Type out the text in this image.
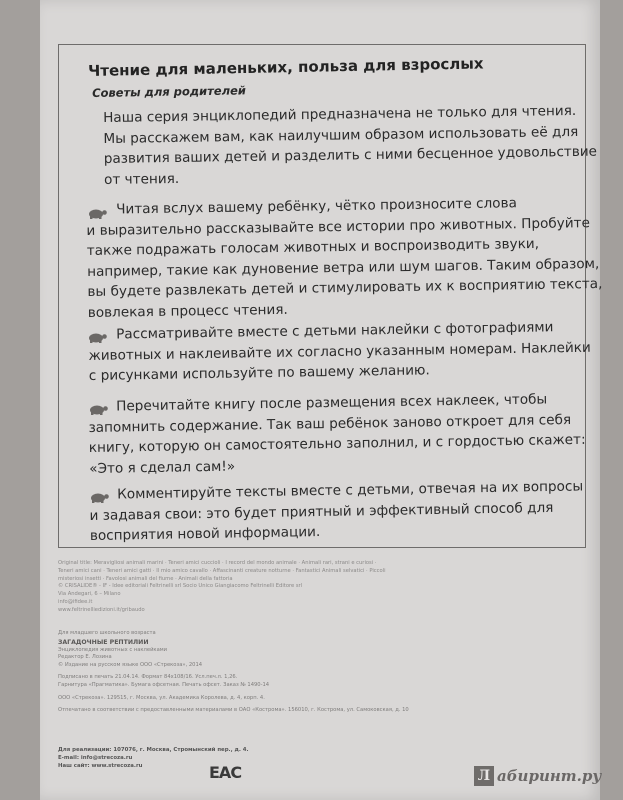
Чтение для маленьких, польза для взрослых
Советы для родителей
Наша серия энциклопедий предназначена не только для чтения.
Мы расскажем вам, как наилучшим образом использовать её для
развития ваших детей и разделить с ними бесценное удовольствие
от чтения.
Читая вслух вашему ребёнку, чётко произносите слова
и выразительно рассказывайте все истории про животных. Пробуйте
также подражать голосам животных и воспроизводить звуки,
например, такие как дуновение ветра или шум шагов. Таким образом,
вы будете развлекать детей и стимулировать их к восприятию текста,
вовлекая в процесс чтения.
Рассматривайте вместе с детьми наклейки с фотографиями
животных и наклеивайте их согласно указанным номерам. Наклейки
с рисунками используйте по вашему желанию.
Перечитайте книгу после размещения всех наклеек, чтобы
запомнить содержание. Так ваш ребёнок заново откроет для себя
книгу, которую он самостоятельно заполнил, и с гордостью скажет:
«Это я сделал сам!»
Комментируйте тексты вместе с детьми, отвечая на их вопросы
и задавая свои: это будет приятный и эффективный способ для
восприятия новой информации.
Original title: Meravigliosi animali marini · Teneri amici cuccioli · I record del mondo animale · Animali rari, strani e curiosi ·
Teneri amici cani · Teneri amici gatti · Il mio amico cavallo · Affascinanti creature notturne · Fantastici Animali selvatici · Piccoli
misteriosi insetti · Favolosi animali del fiume · Animali della fattoria
© CRISALIDE® - IF - Idee editoriali Feltrinelli srl Socio Unico Giangiacomo Feltrinelli Editore srl
Via Andegari, 6 – Milano
info@ifidee.it
www.feltrinelliedizioni.it/gribaudo
Для младшего школьного возраста
ЗАГАДОЧНЫЕ РЕПТИЛИИ
Энциклопедия животных с наклейками
Редактор Е. Лозина
© Издание на русском языке ООО «Стрекоза», 2014
Подписано в печать 21.04.14. Формат 84х108/16. Усл.печ.л. 1,26.
Гарнитура «Прагматика». Бумага офсетная. Печать офсет. Заказ № 1490-14
ООО «Стрекоза». 129515, г. Москва, ул. Академика Королева, д. 4, корп. 4.
Отпечатано в соответствии с предоставленными материалами в ОАО «Кострома». 156010, г. Кострома, ул. Самоковская, д. 10
Для реализации: 107076, г. Москва, Стромынский пер., д. 4.
E-mail: info@strecoza.ru
Наш сайт: www.strecoza.ru	EAC	Л абиринт.ру
